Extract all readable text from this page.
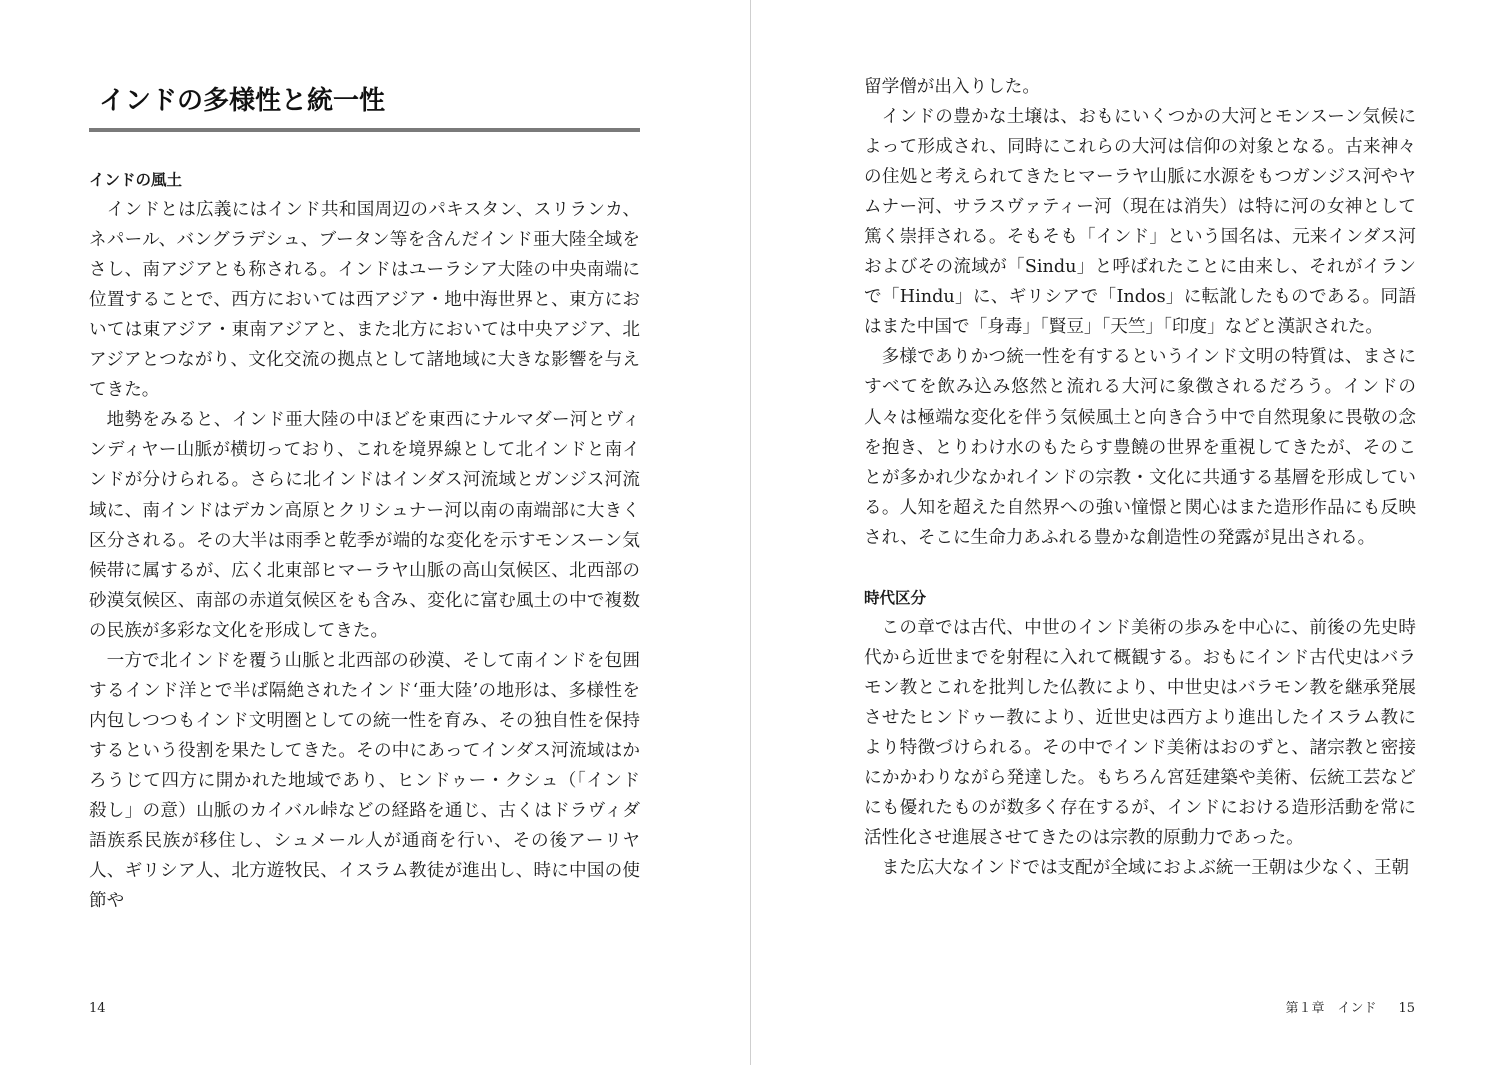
インドの多様性と統一性
インドの風土

インドとは広義にはインド共和国周辺のパキスタン、スリランカ、ネパール、バングラデシュ、ブータン等を含んだインド亜大陸全域をさし、南アジアとも称される。インドはユーラシア大陸の中央南端に位置することで、西方においては西アジア・地中海世界と、東方においては東アジア・東南アジアと、また北方においては中央アジア、北アジアとつながり、文化交流の拠点として諸地域に大きな影響を与えてきた。

地勢をみると、インド亜大陸の中ほどを東西にナルマダー河とヴィンディヤー山脈が横切っており、これを境界線として北インドと南インドが分けられる。さらに北インドはインダス河流域とガンジス河流域に、南インドはデカン高原とクリシュナー河以南の南端部に大きく区分される。その大半は雨季と乾季が端的な変化を示すモンスーン気候帯に属するが、広く北東部ヒマーラヤ山脈の高山気候区、北西部の砂漠気候区、南部の赤道気候区をも含み、変化に富む風土の中で複数の民族が多彩な文化を形成してきた。

一方で北インドを覆う山脈と北西部の砂漠、そして南インドを包囲するインド洋とで半ば隔絶されたインド‘亜大陸’の地形は、多様性を内包しつつもインド文明圏としての統一性を育み、その独自性を保持するという役割を果たしてきた。その中にあってインダス河流域はかろうじて四方に開かれた地域であり、ヒンドゥー・クシュ（「インド殺し」の意）山脈のカイバル峠などの経路を通じ、古くはドラヴィダ語族系民族が移住し、シュメール人が通商を行い、その後アーリヤ人、ギリシア人、北方遊牧民、イスラム教徒が進出し、時に中国の使節や

14

留学僧が出入りした。

インドの豊かな土壌は、おもにいくつかの大河とモンスーン気候によって形成され、同時にこれらの大河は信仰の対象となる。古来神々の住処と考えられてきたヒマーラヤ山脈に水源をもつガンジス河やヤムナー河、サラスヴァティー河（現在は消失）は特に河の女神として篤く崇拝される。そもそも「インド」という国名は、元来インダス河およびその流域が「Sindu」と呼ばれたことに由来し、それがイランで「Hindu」に、ギリシアで「Indos」に転訛したものである。同語はまた中国で「身毒」「賢豆」「天竺」「印度」などと漢訳された。

多様でありかつ統一性を有するというインド文明の特質は、まさにすべてを飲み込み悠然と流れる大河に象徴されるだろう。インドの人々は極端な変化を伴う気候風土と向き合う中で自然現象に畏敬の念を抱き、とりわけ水のもたらす豊饒の世界を重視してきたが、そのことが多かれ少なかれインドの宗教・文化に共通する基層を形成している。人知を超えた自然界への強い憧憬と関心はまた造形作品にも反映され、そこに生命力あふれる豊かな創造性の発露が見出される。

時代区分

この章では古代、中世のインド美術の歩みを中心に、前後の先史時代から近世までを射程に入れて概観する。おもにインド古代史はバラモン教とこれを批判した仏教により、中世史はバラモン教を継承発展させたヒンドゥー教により、近世史は西方より進出したイスラム教により特徴づけられる。その中でインド美術はおのずと、諸宗教と密接にかかわりながら発達した。もちろん宮廷建築や美術、伝統工芸などにも優れたものが数多く存在するが、インドにおける造形活動を常に活性化させ進展させてきたのは宗教的原動力であった。

また広大なインドでは支配が全域におよぶ統一王朝は少なく、王朝

第１章　インド 15
